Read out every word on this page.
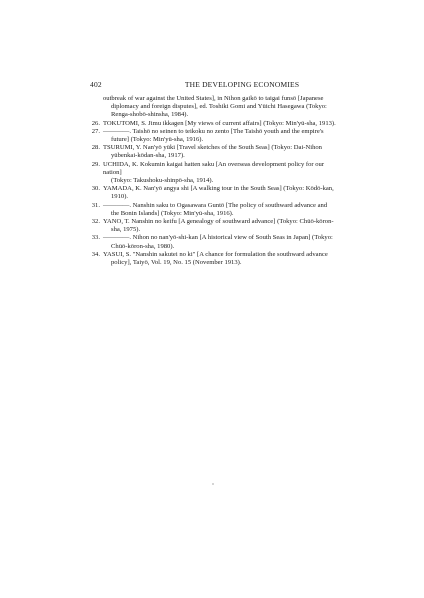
402	THE DEVELOPING ECONOMIES
outbreak of war against the United States], in Nihon gaikō to taigai funsō [Japanese
diplomacy and foreign disputes], ed. Toshiki Gomi and Yūichi Hasegawa (Tokyo:
Renga-shobō-shinsha, 1984).
26. TOKUTOMI, S. Jimu ikkagen [My views of current affairs] (Tokyo: Min'yū-sha, 1913).
27. ————. Taishō no seinen to teikoku no zento [The Taishō youth and the empire's
future] (Tokyo: Min'yū-sha, 1916).
28. TSURUMI, Y. Nan'yō yūki [Travel sketches of the South Seas] (Tokyo: Dai-Nihon
yūbenkai-kōdan-sha, 1917).
29. UCHIDA, K. Kokumin kaigai hatten saku [An overseas development policy for our nation]
(Tokyo: Takushoku-shinpō-sha, 1914).
30. YAMADA, K. Nan'yō angya shi [A walking tour in the South Seas] (Tokyo: Kōdō-kan,
1910).
31. ————. Nanshin saku to Ogasawara Guntō [The policy of southward advance and
the Bonin Islands] (Tokyo: Min'yū-sha, 1916).
32. YANO, T. Nanshin no keifu [A genealogy of southward advance] (Tokyo: Chūō-kōron-
sha, 1975).
33. ————. Nihon no nan'yō-shi-kan [A historical view of South Seas in Japan] (Tokyo:
Chūō-kōron-sha, 1980).
34. YASUI, S. "Nanshin sakutei no ki" [A chance for formulation the southward advance
policy], Taiyō, Vol. 19, No. 15 (November 1913).
